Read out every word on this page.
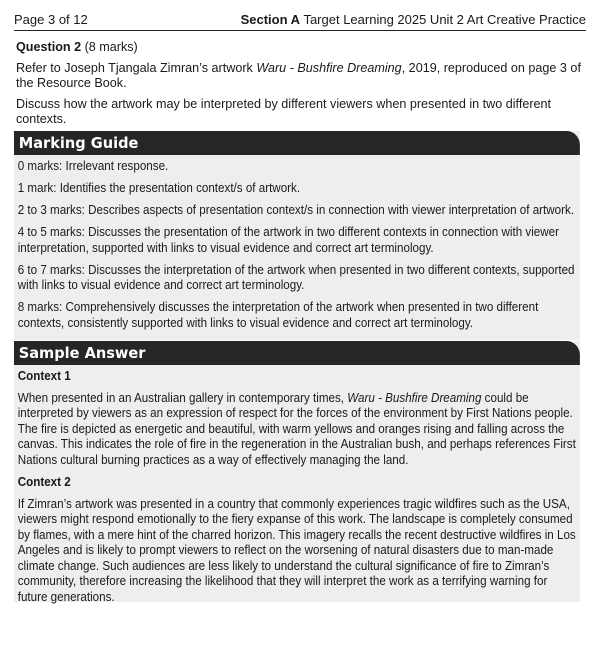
Page 3 of 12	Section A Target Learning 2025 Unit 2 Art Creative Practice

Question 2 (8 marks)

Refer to Joseph Tjangala Zimran’s artwork Waru - Bushfire Dreaming, 2019, reproduced on page 3 of the Resource Book.

Discuss how the artwork may be interpreted by different viewers when presented in two different contexts.

Marking Guide

0 marks: Irrelevant response.

1 mark: Identifies the presentation context/s of artwork.

2 to 3 marks: Describes aspects of presentation context/s in connection with viewer interpretation of artwork.

4 to 5 marks: Discusses the presentation of the artwork in two different contexts in connection with viewer interpretation, supported with links to visual evidence and correct art terminology.

6 to 7 marks: Discusses the interpretation of the artwork when presented in two different contexts, supported with links to visual evidence and correct art terminology.

8 marks: Comprehensively discusses the interpretation of the artwork when presented in two different contexts, consistently supported with links to visual evidence and correct art terminology.

Sample Answer

Context 1

When presented in an Australian gallery in contemporary times, Waru - Bushfire Dreaming could be interpreted by viewers as an expression of respect for the forces of the environment by First Nations people. The fire is depicted as energetic and beautiful, with warm yellows and oranges rising and falling across the canvas. This indicates the role of fire in the regeneration in the Australian bush, and perhaps references First Nations cultural burning practices as a way of effectively managing the land.

Context 2

If Zimran’s artwork was presented in a country that commonly experiences tragic wildfires such as the USA, viewers might respond emotionally to the fiery expanse of this work. The landscape is completely consumed by flames, with a mere hint of the charred horizon. This imagery recalls the recent destructive wildfires in Los Angeles and is likely to prompt viewers to reflect on the worsening of natural disasters due to man-made climate change. Such audiences are less likely to understand the cultural significance of fire to Zimran’s community, therefore increasing the likelihood that they will interpret the work as a terrifying warning for future generations.
